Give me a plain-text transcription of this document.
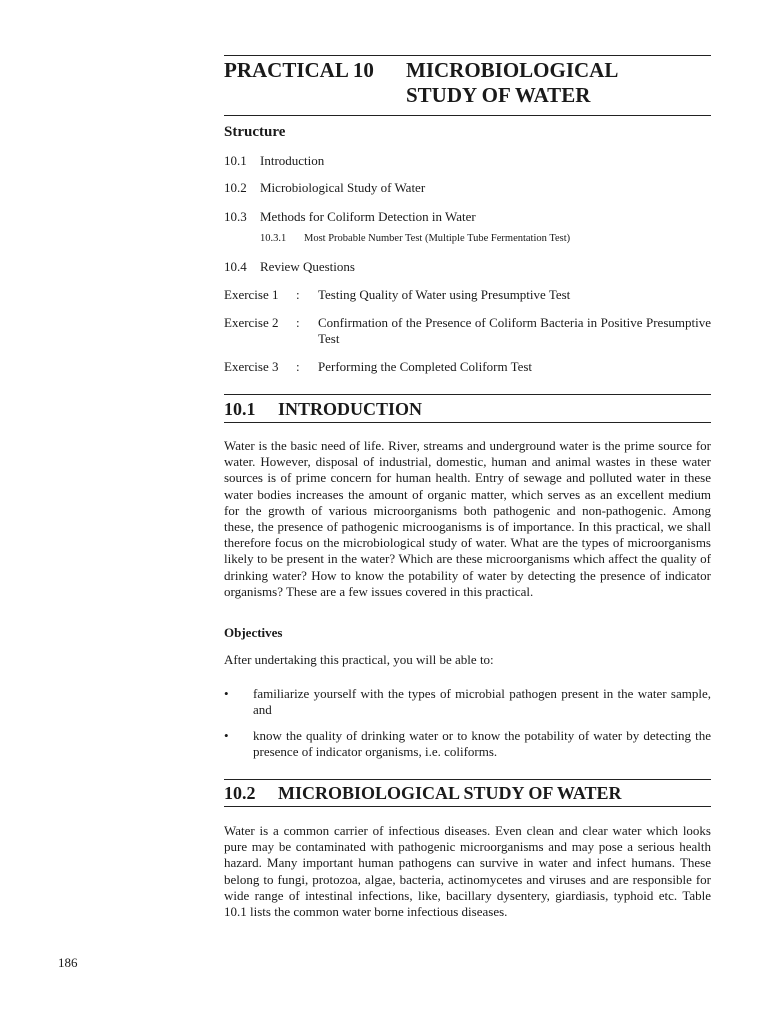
PRACTICAL 10 MICROBIOLOGICAL
STUDY OF WATER
Structure
10.1 Introduction
10.2 Microbiological Study of Water
10.3 Methods for Coliform Detection in Water
10.3.1 Most Probable Number Test (Multiple Tube Fermentation Test)
10.4 Review Questions
Exercise 1	:	Testing Quality of Water using Presumptive Test
Exercise 2	:	Confirmation of the Presence of Coliform Bacteria in Positive Presumptive Test
Exercise 3	:	Performing the Completed Coliform Test
10.1 INTRODUCTION

Water is the basic need of life. River, streams and underground water is the prime source for water. However, disposal of industrial, domestic, human and animal wastes in these water sources is of prime concern for human health. Entry of sewage and polluted water in these water bodies increases the amount of organic matter, which serves as an excellent medium for the growth of various microorganisms both pathogenic and non-pathogenic. Among these, the presence of pathogenic microoganisms is of importance. In this practical, we shall therefore focus on the microbiological study of water. What are the types of microorganisms likely to be present in the water? Which are these microorganisms which affect the quality of drinking water? How to know the potability of water by detecting the presence of indicator organisms? These are a few issues covered in this practical.

Objectives

After undertaking this practical, you will be able to:

•	familiarize yourself with the types of microbial pathogen present in the water sample, and
•	know the quality of drinking water or to know the potability of water by detecting the presence of indicator organisms, i.e. coliforms.
10.2 MICROBIOLOGICAL STUDY OF WATER

Water is a common carrier of infectious diseases. Even clean and clear water which looks pure may be contaminated with pathogenic microorganisms and may pose a serious health hazard. Many important human pathogens can survive in water and infect humans. These belong to fungi, protozoa, algae, bacteria, actinomycetes and viruses and are responsible for wide range of intestinal infections, like, bacillary dysentery, giardiasis, typhoid etc. Table 10.1 lists the common water borne infectious diseases.

186
